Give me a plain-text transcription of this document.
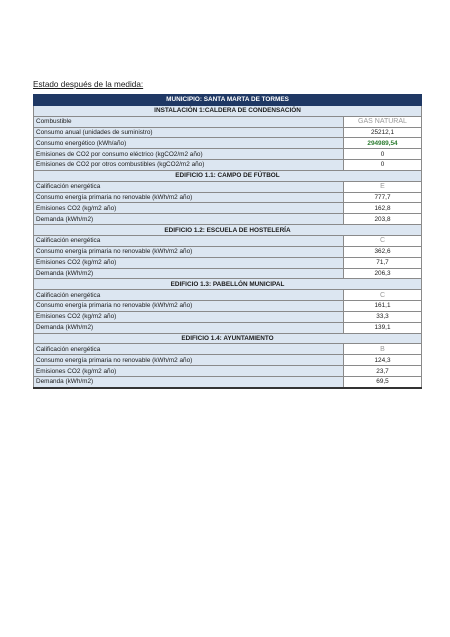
Estado después de la medida:
MUNICIPIO: SANTA MARTA DE TORMES	
INSTALACIÓN 1:CALDERA DE CONDENSACIÓN	
Combustible	GAS NATURAL
Consumo anual (unidades de suministro)	25212,1
Consumo energético (kWh/año)	294989,54
Emisiones de CO2 por consumo eléctrico (kgCO2/m2 año)	0
Emisiones de CO2 por otros combustibles (kgCO2/m2 año)	0
EDIFICIO 1.1: CAMPO DE FÚTBOL	
Calificación energética	E
Consumo energía primaria no renovable (kWh/m2 año)	777,7
Emisiones CO2 (kg/m2 año)	162,8
Demanda (kWh/m2)	203,8
EDIFICIO 1.2: ESCUELA DE HOSTELERÍA	
Calificación energética	C
Consumo energía primaria no renovable (kWh/m2 año)	362,6
Emisiones CO2 (kg/m2 año)	71,7
Demanda (kWh/m2)	206,3
EDIFICIO 1.3: PABELLÓN MUNICIPAL	
Calificación energética	C
Consumo energía primaria no renovable (kWh/m2 año)	161,1
Emisiones CO2 (kg/m2 año)	33,3
Demanda (kWh/m2)	139,1
EDIFICIO 1.4: AYUNTAMIENTO	
Calificación energética	B
Consumo energía primaria no renovable (kWh/m2 año)	124,3
Emisiones CO2 (kg/m2 año)	23,7
Demanda (kWh/m2)	69,5
